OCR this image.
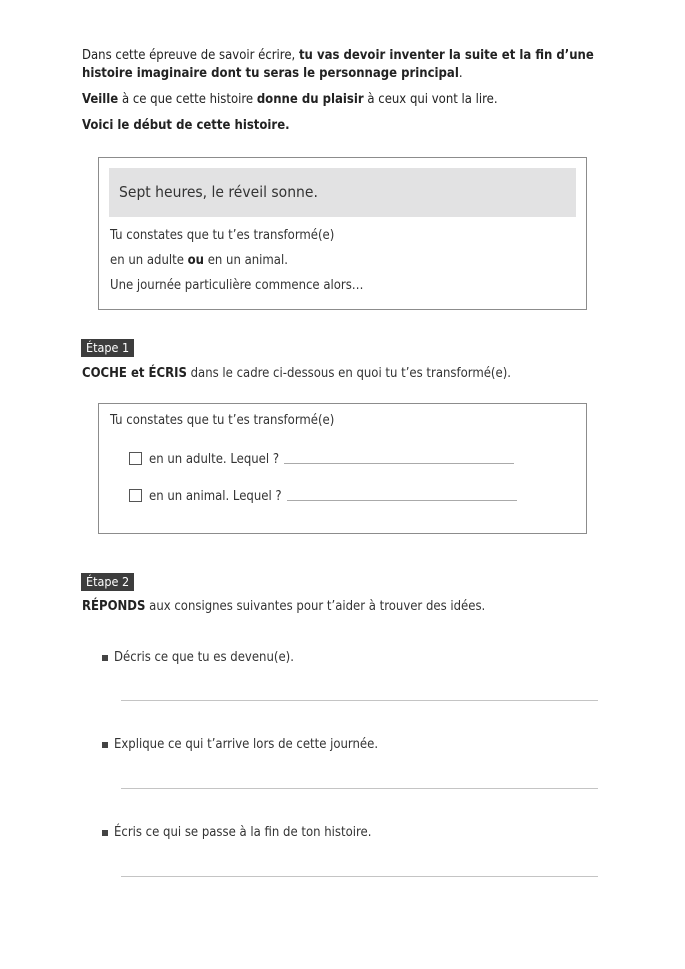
Dans cette épreuve de savoir écrire, tu vas devoir inventer la suite et la fin d’une histoire imaginaire dont tu seras le personnage principal.
Veille à ce que cette histoire donne du plaisir à ceux qui vont la lire.
Voici le début de cette histoire.
Sept heures, le réveil sonne.
Tu constates que tu t’es transformé(e)
en un adulte ou en un animal.
Une journée particulière commence alors…
Étape 1
COCHE et ÉCRIS dans le cadre ci-dessous en quoi tu t’es transformé(e).
Tu constates que tu t’es transformé(e)
en un adulte. Lequel ?
en un animal. Lequel ?
Étape 2
RÉPONDS aux consignes suivantes pour t’aider à trouver des idées.
Décris ce que tu es devenu(e).
Explique ce qui t’arrive lors de cette journée.
Écris ce qui se passe à la fin de ton histoire.
